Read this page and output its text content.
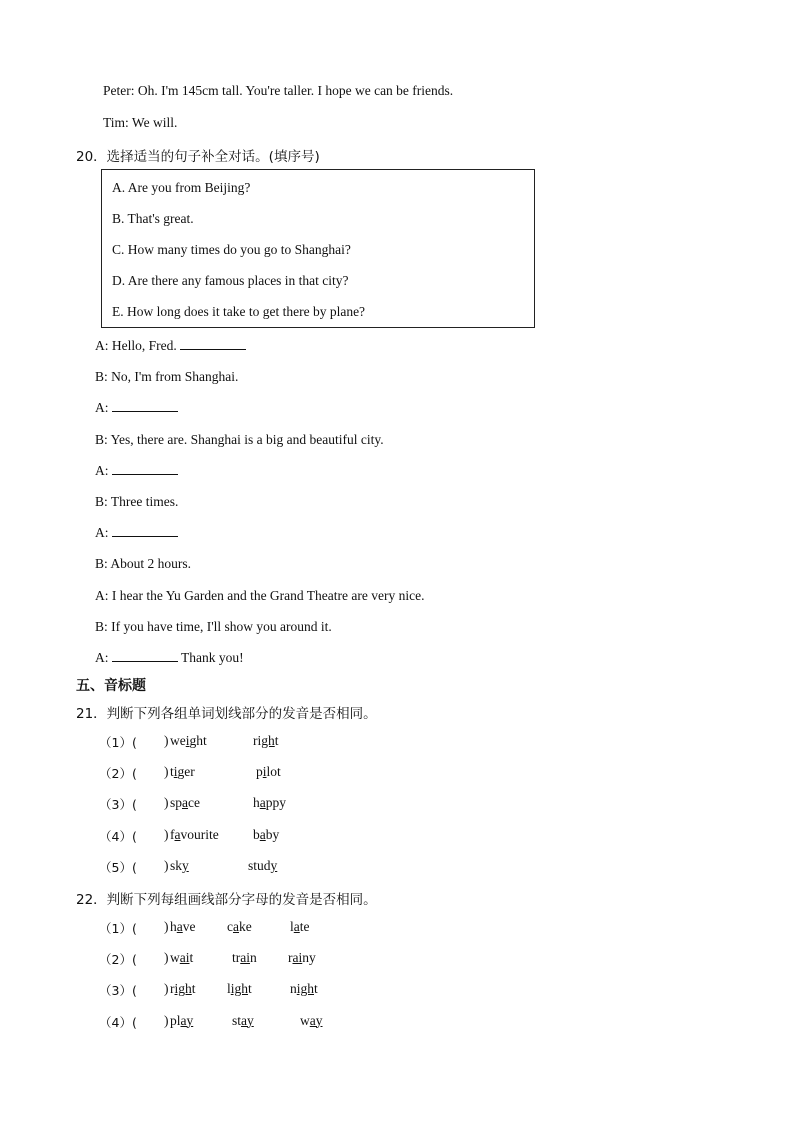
Peter: Oh. I'm 145cm tall. You're taller. I hope we can be friends.
Tim: We will.
20．选择适当的句子补全对话。(填序号)
A. Are you from Beijing?
B. That's great.
C. How many times do you go to Shanghai?
D. Are there any famous places in that city?
E. How long does it take to get there by plane?
A: Hello, Fred.
B: No, I'm from Shanghai.
A:
B: Yes, there are. Shanghai is a big and beautiful city.
A:
B: Three times.
A:
B: About 2 hours.
A: I hear the Yu Garden and the Grand Theatre are very nice.
B: If you have time, I'll show you around it.
A:	Thank you!
五、音标题
21．判断下列各组单词划线部分的发音是否相同。
（1）( ) weight	right
（2）( ) tiger	pilot
（3）( ) space	happy
（4）( ) favourite	baby
（5）( ) sky	study
22．判断下列每组画线部分字母的发音是否相同。
（1）( ) have cake	late
（2）( ) wait	train rainy
（3）( ) right light	night
（4）( ) play	stay	way
